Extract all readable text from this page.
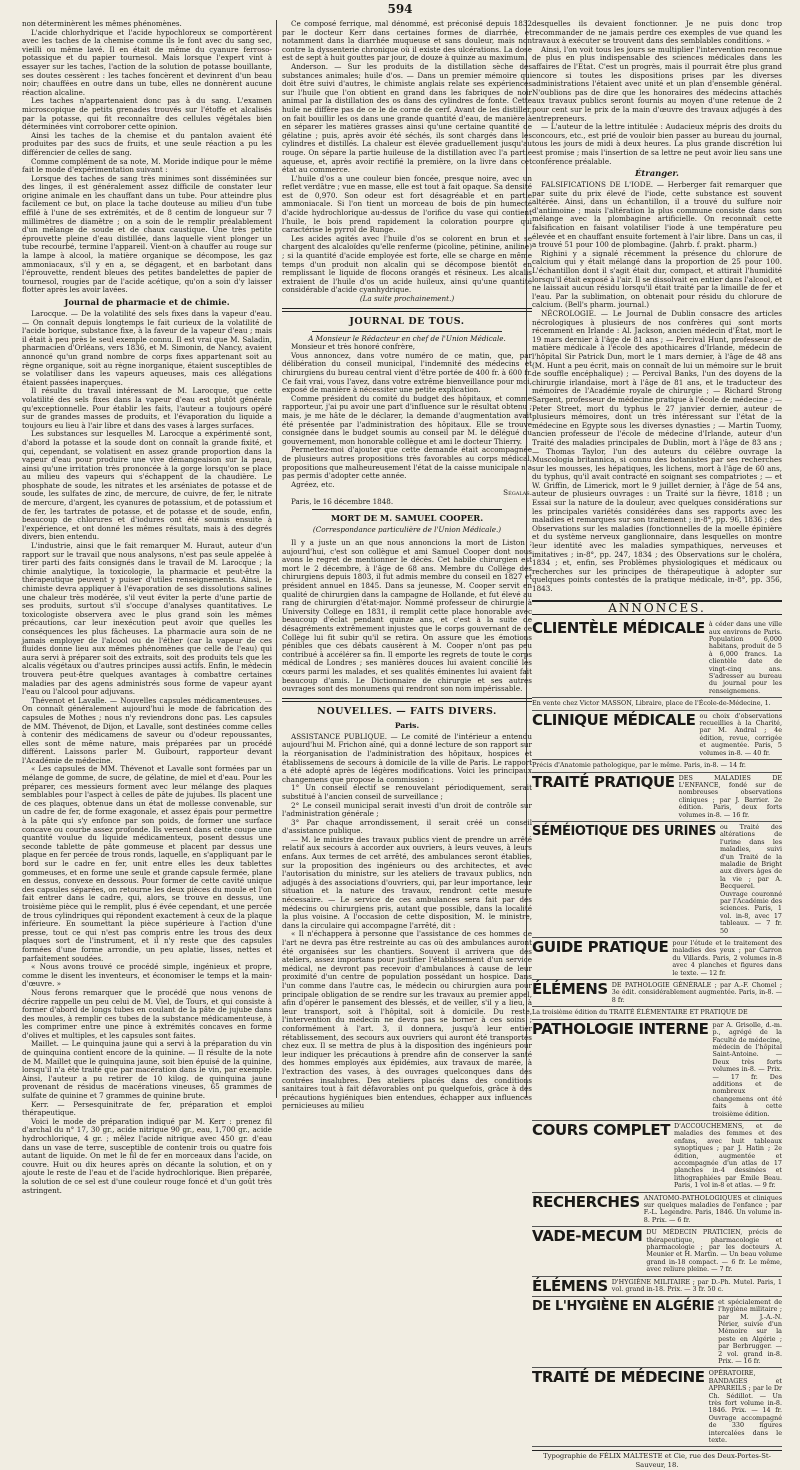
594

non déterminèrent les mêmes phénomènes.

L'acide chlorhydrique et l'acide hypochloreux se comportèrent avec les taches de la chemise comme ils le font avec du sang sec, vieilli ou même lavé. Il en était de même du cyanure ferroso-potassique et du papier tournesol. Mais lorsque l'expert vint à essayer sur les taches, l'action de la solution de potasse bouillante, ses doutes cessèrent : les taches foncèrent et devinrent d'un beau noir; chauffées en outre dans un tube, elles ne donnèrent aucune réaction alcaline.

Les taches n'appartenaient donc pas à du sang. L'examen microscopique de petits grenades trouvés sur l'étoffe et alcalisés par la potasse, qui fit reconnaître des cellules végétales bien déterminées vint corroborer cette opinion.

Ainsi les taches de la chemise et du pantalon avaient été produites par des sucs de fruits, et une seule réaction a pu les différencier de celles de sang.

Comme complément de sa note, M. Moride indique pour le même fait le mode d'expérimentation suivant :

Lorsque des taches de sang très minimes sont disséminées sur des linges, il est généralement assez difficile de constater leur origine animale en les chauffant dans un tube. Pour atteindre plus facilement ce but, on place la tache douteuse au milieu d'un tube effilé à l'une de ses extrémités, et de 8 centim de longueur sur 7 millimètres de diamètre ; on a soin de le remplir préalablement d'un mélange de soude et de chaux caustique. Une très petite éprouvette pleine d'eau distillée, dans laquelle vient plonger un tube recourbé, termine l'appareil. Vient-on à chauffer au rouge sur la lampe à alcool, la matière organique se décompose, les gaz ammoniacaux, s'il y en a, se dégagent, et en barbotant dans l'éprouvette, rendent bleues des petites bandelettes de papier de tournesol, rougies par de l'acide acétique, qu'on a soin d'y laisser flotter après les avoir lavées.

Journal de pharmacie et de chimie.

Larocque. — De la volatilité des sels fixes dans la vapeur d'eau. — On connaît depuis longtemps le fait curieux de la volatilité de l'acide borique, substance fixe, à la faveur de la vapeur d'eau ; mais il était à peu près le seul exemple connu. Il est vrai que M. Saladin, pharmacien d'Orléans, vers 1836, et M. Simonin, de Nancy, avaient annoncé qu'un grand nombre de corps fixes appartenant soit au règne organique, soit au règne inorganique, étaient susceptibles de se volatiliser dans les vapeurs aqueuses, mais ces allégations étaient passées inaperçues.

Il résulte du travail intéressant de M. Larocque, que cette volatilité des sels fixes dans la vapeur d'eau est plutôt générale qu'exceptionnelle. Pour établir les faits, l'auteur a toujours opéré sur de grandes masses de produits, et l'évaporation du liquide a toujours eu lieu à l'air libre et dans des vases à larges surfaces.

Les substances sur lesquelles M. Larocque a expérimenté sont, d'abord la potasse et la soude dont on connaît la grande fixité, et qui, cependant, se volatisent en assez grande proportion dans la vapeur d'eau pour produire une vive démangeaison sur la peau, ainsi qu'une irritation très prononcée à la gorge lorsqu'on se place au milieu des vapeurs qui s'échappent de la chaudière. Le phosphate de soude, les nitrates et les arséniates de potasse et de soude, les sulfates de zinc, de mercure, de cuivre, de fer, le nitrate de mercure, d'argent, les cyanures de potassium, et de potassium et de fer, les tartrates de potasse, et de potasse et de soude, enfin, beaucoup de chlorures et d'iodures ont été soumis ensuite à l'expérience, et ont donné les mêmes résultats, mais à des degrés divers, bien entendu.

L'industrie, ainsi que le fait remarquer M. Huraut, auteur d'un rapport sur le travail que nous analysons, n'est pas seule appelée à tirer parti des faits consignés dans le travail de M. Larocque ; la chimie analytique, la toxicologie, la pharmacie et peut-être la thérapeutique peuvent y puiser d'utiles renseignements. Ainsi, le chimiste devra appliquer à l'évaporation de ses dissolutions salines une chaleur très modérée, s'il veut éviter la perte d'une partie de ses produits, surtout s'il s'occupe d'analyses quantitatives. Le toxicologiste observera avec le plus grand soin les mêmes précautions, car leur inexécution peut avoir que quelles les conséquences les plus fâcheuses. La pharmacie aura soin de ne jamais employer de l'alcool ou de l'éther (car la vapeur de ces fluides donne lieu aux mêmes phénomènes que celle de l'eau) qui aura servi à préparer soit des extraits, soit des produits tels que les alcalis végétaux ou d'autres principes aussi actifs. Enfin, le médecin trouvera peut-être quelques avantages à combattre certaines maladies par des agens administrés sous forme de vapeur ayant l'eau ou l'alcool pour adjuvans.

Thévenot et Lavalle. — Nouvelles capsules médicamenteuses. — On connaît généralement aujourd'hui le mode de fabrication des capsules de Mothes ; nous n'y reviendrons donc pas. Les capsules de MM. Thévenot, de Dijon, et Lavalle, sont destinées comme celles à contenir des médicamens de saveur ou d'odeur repoussantes, elles sont de même nature, mais préparées par un procédé différent. Laissons parler M. Guibourt, rapporteur devant l'Académie de médecine.

« Les capsules de MM. Thévenot et Lavalle sont formées par un mélange de gomme, de sucre, de gélatine, de miel et d'eau. Pour les préparer, ces messieurs forment avec leur mélange des plaques semblables pour l'aspect à celles de pâte de jujubes. Ils placent une de ces plaques, obtenue dans un état de mollesse convenable, sur un cadre de fer, de forme exagonale, et assez épais pour permettre à la pâte qui s'y enfonce par son poids, de former une surface concave ou courbe assez profonde. Ils versent dans cette coupe une quantité voulue du liquide médicamenteux, posent dessus une seconde tablette de pâte gommeuse et placent par dessus une plaque en fer percée de trous ronds, laquelle, en s'appliquant par le bord sur le cadre en fer, unit entre elles les deux tablettes gommeuses, et en forme une seule et grande capsule fermée, plane en dessus, convexe en dessous. Pour former de cette cavité unique des capsules séparées, on retourne les deux pièces du moule et l'on fait entrer dans le cadre, qui, alors, se trouve en dessus, une troisième pièce qui le remplit, plus é évée cependant, et une percée de trous cylindriques qui répondent exactement à ceux de la plaque inférieure. En soumettant la pièce supérieure à l'action d'une presse, tout ce qui n'est pas compris entre les trous des deux plaques sort de l'instrument, et il n'y reste que des capsules formées d'une forme arrondie, un peu aplatie, lisses, nettes et parfaitement soudées.

« Nous avons trouvé ce procédé simple, ingénieux et propre, comme le disent les inventeurs, et économiser le temps et la main-d'œuvre. »

Nous ferons remarquer que le procédé que nous venons de décrire rappelle un peu celui de M. Viel, de Tours, et qui consiste à former d'abord de longs tubes en coulant de la pâte de jujube dans des moules, à remplir ces tubes de la substance médicamenteuse, à les comprimer entre une pince à extrémités concaves en forme d'olives et multiples, et les capsules sont faites.

Maillet. — Le quinquina jaune qui a servi à la préparation du vin de quinquina contient encore de la quinine. — Il résulte de la note de M. Maillet que le quinquina jaune, soit bien épuisé de la quinine, lorsqu'il n'a été traité que par macération dans le vin, par exemple. Ainsi, l'auteur a pu retirer de 10 kilog. de quinquina jaune provenant de résidus de macérations vineuses, 65 grammes de sulfate de quinine et 7 grammes de quinine brute.

Kerr. — Persesquinitrate de fer, préparation et emploi thérapeutique.

Voici le mode de préparation indiqué par M. Kerr : prenez fil d'archal du n° 17, 30 gr., acide nitrique 90 gr., eau, 1,700 gr., acide hydrochlorique, 4 gr. ; mêlez l'acide nitrique avec 450 gr. d'eau dans un vase de terre, susceptible de contenir trois ou quatre fois autant de liquide. On met le fil de fer en morceaux dans l'acide, on couvre. Huit ou dix heures après on décante la solution, et on y ajoute le reste de l'eau et de l'acide hydrochlorique. Bien préparée, la solution de ce sel est d'une couleur rouge foncé et d'un goût très astringent.

Ce composé ferrique, mal dénommé, est préconisé depuis 1832 par le docteur Kerr dans certaines formes de diarrhée, et notamment dans la diarrhée muqueuse et sans douleur, mais non contre la dyssenterie chronique où il existe des ulcérations. La dose est de sept à huit gouttes par jour, de douze à quinze au maximum.

Anderson. — Sur les produits de la distillation sèche des substances animales; huile d'os. — Dans un premier mémoire qui doit être suivi d'autres, le chimiste anglais relate ses expériences sur l'huile que l'on obtient en grand dans les fabriques de noir animal par la distillation des os dans des cylindres de fonte. Cette huile ne diffère pas de ce le de corne de cerf. Avant de les distiller, on fait bouillir les os dans une grande quantité d'eau, de manière à en séparer les matières grasses ainsi qu'une certaine quantité de gélatine ; puis, après avoir été séchés, ils sont chargés dans les cylindres et distillés. La chaleur est élevée graduellement jusqu'au rouge. On sépare la partie huileuse de la distillation avec l'a partie aqueuse, et, après avoir rectifié la première, on la livre dans cet état au commerce.

L'huile d'os a une couleur bien foncée, presque noire, avec un reflet verdâtre ; vue en masse, elle est tout à fait opaque. Sa densité est de 0,970. Son odeur est fort désagréable et en partie ammoniacale. Si l'on tient un morceau de bois de pin humecté d'acide hydrochlorique au-dessus de l'orifice du vase qui contient l'huile, le bois prend rapidement la coloration pourpre qui caractérise le pyrrol de Runge.

Les acides agités avec l'huile d'os se colorent en brun et se chargent des alcaloïdes qu'elle renferme (picoline, pétinine, aniline) ; si la quantité d'acide employée est forte, elle se charge en même temps d'un produit non alcalin qui se décompose bientôt en remplissant le liquide de flocons orangés et résineux. Les alcalis extraient de l'huile d'os un acide huileux, ainsi qu'une quantité considérable d'acide cyanhydrique.

(La suite prochainement.)

JOURNAL DE TOUS.

A Monsieur le Rédacteur en chef de l'Union Médicale.

Monsieur et très honoré confrère,

Vous annoncez, dans votre numéro de ce matin, que, par délibération du conseil municipal, l'indemnité des médecins et chirurgiens du bureau central vient d'être portée de 400 fr. à 600 fr. Ce fait vrai, vous l'avez, dans votre extrême bienveillance pour moi, exposé de manière à nécessiter une petite explication.

Comme président du comité du budget des hôpitaux, et comme rapporteur, j'ai pu avoir une part d'influence sur le résultat obtenu ; mais, je me hâte de le déclarer, la demande d'augmentation avait été présentée par l'administration des hôpitaux. Elle se trouve consignée dans le budget soumis au conseil par M. le délégué du gouvernement, mon honorable collègue et ami le docteur Thierry.

Permettez-moi d'ajouter que cette demande était accompagnée de plusieurs autres propositions très favorables au corps médical, propositions que malheureusement l'état de la caisse municipale n'a pas permis d'adopter cette année.

Agréez, etc.

Ségalas.

Paris, le 16 décembre 1848.

MORT DE M. SAMUEL COOPER.
(Correspondance particulière de l'Union Médicale.)

Il y a juste un an que nous annoncions la mort de Liston ; aujourd'hui, c'est son collègue et ami Samuel Cooper dont nous avons le regret de mentionner le décès. Cet habile chirurgien est mort le 2 décembre, à l'âge de 68 ans. Membre du Collège des chirurgiens depuis 1803, il fut admis membre du conseil en 1827 et président annuel en 1845. Dans sa jeunesse, M. Cooper servit en qualité de chirurgien dans la campagne de Hollande, et fut élevé au rang de chirurgien d'état-major. Nommé professeur de chirurgie à University College en 1831, il remplit cette place honorable avec beaucoup d'éclat pendant quinze ans, et c'est à la suite de désagréments extrêmement injustes que le corps gouvernant de ce Collège lui fit subir qu'il se retira. On assure que les émotions pénibles que ces débats causèrent à M. Cooper n'ont pas peu contribué à accélérer sa fin. Il emporte les regrets de toute le corps médical de Londres ; ses manières douces lui avaient concilié les cœurs parmi les malades, et ses qualités éminentes lui avaient fait beaucoup d'amis. Le Dictionnaire de chirurgie et ses autres ouvrages sont des monumens qui rendront son nom impérissable.

NOUVELLES. — FAITS DIVERS.
Paris.

ASSISTANCE PUBLIQUE. — Le comité de l'intérieur a entendu aujourd'hui M. Frichon aîné, qui a donné lecture de son rapport sur la réorganisation de l'administration des hôpitaux, hospices et établissemens de secours à domicile de la ville de Paris. Le rapport a été adopté après de légères modifications. Voici les principaux changemens que propose la commission :

1° Un conseil électif se renouvelant périodiquement, serait substitué à l'ancien conseil de surveillance ;

2° Le conseil municipal serait investi d'un droit de contrôle sur l'administration générale ;

3° Par chaque arrondissement, il serait créé un conseil d'assistance publique.

— M. le ministre des travaux publics vient de prendre un arrêté relatif aux secours à accorder aux ouvriers, à leurs veuves, à leurs enfans. Aux termes de cet arrêté, des ambulances seront établies, sur la proposition des ingénieurs ou des architectes, et avec l'autorisation du ministre, sur les ateliers de travaux publics, non adjugés à des associations d'ouvriers, qui, par leur importance, leur situation et la nature des travaux, rendront cette mesure nécessaire. — Le service de ces ambulances sera fait par des médecins ou chirurgiens pris, autant que possible, dans la localité la plus voisine. A l'occasion de cette disposition, M. le ministre, dans la circulaire qui accompagne l'arrêté, dit :

« Il n'échappera à personne que l'assistance de ces hommes de l'art ne devra pas être restreinte au cas où des ambulances auront été organisées sur les chantiers. Souvent il arrivera que des ateliers, assez importans pour justifier l'établissement d'un service médical, ne devront pas recevoir d'ambulances à cause de leur proximité d'un centre de population possédant un hospice. Dans l'un comme dans l'autre cas, le médecin ou chirurgien aura pour principale obligation de se rendre sur les travaux au premier appel, afin d'opérer le pansement des blessés, et de veiller, s'il y a lieu, à leur transport, soit à l'hôpital, soit à domicile. Du reste, l'intervention du médecin ne devra pas se borner à ces soins ; conformément à l'art. 3, il donnera, jusqu'à leur entier rétablissement, des secours aux ouvriers qui auront été transportés chez eux. Il se mettra de plus à la disposition des ingénieurs pour leur indiquer les précautions à prendre afin de conserver la santé des hommes employés aux épidémies, aux travaux de marée, à l'extraction des vases, à des ouvrages quelconques dans des contrées insalubres. Des ateliers placés dans des conditions sanitaires tout à fait défavorables ont pu quelquefois, grâce à des précautions hygiéniques bien entendues, échapper aux influences pernicieuses au milieu

desquelles ils devaient fonctionner. Je ne puis donc trop recommander de ne jamais perdre ces exemples de vue quand les travaux à exécuter se trouvent dans des semblables conditions. »

Ainsi, l'on voit tous les jours se multiplier l'intervention reconnue de plus en plus indispensable des sciences médicales dans les affaires de l'Etat. C'est un progrès, mais il pourrait être plus grand encore si toutes les dispositions prises par les diverses administrations l'étaient avec unité et un plan d'ensemble général. N'oublions pas de dire que les honoraires des médecins attachés aux travaux publics seront fournis au moyen d'une retenue de 2 pour cent sur le prix de la main d'œuvre des travaux adjugés à des entrepreneurs.

— L'auteur de la lettre intitulée : Audacieux mépris des droits du concours, etc., est prié de vouloir bien passer au bureau du journal, tous les jours de midi à deux heures. La plus grande discrétion lui est promise ; mais l'insertion de sa lettre ne peut avoir lieu sans une conférence préalable.

Étranger.

FALSIFICATIONS DE L'IODE. — Herberger fait remarquer que par suite du prix élevé de l'iode, cette substance est souvent altérée. Ainsi, dans un échantillon, il a trouvé du sulfure noir d'antimoine ; mais l'altération la plus commune consiste dans son mélange avec la plombagine artificielle. On reconnaît cette falsification en faisant volatiliser l'iode à une température peu élevée et en chauffant ensuite fortement à l'air libre. Dans un cas, il a trouvé 51 pour 100 de plombagine. (Jahrb. f. prakt. pharm.)

Righini y a signalé récemment la présence du chlorure de calcium qui y était mélangé dans la proportion de 25 pour 100. L'échantillon dont il s'agit était dur, compact, et attirait l'humidité lorsqu'il était exposé à l'air. Il se dissolvait en entier dans l'alcool, et ne laissait aucun résidu lorsqu'il était traité par la limaille de fer et l'eau. Par la sublimation, on obtenait pour résidu du chlorure de calcium. (Bell's pharm. journal.)

NÉCROLOGIE. — Le Journal de Dublin consacre des articles nécrologiques à plusieurs de nos confrères qui sont morts récemment en Irlande : Al. Jackson, ancien médecin d'État, mort le 19 mars dernier à l'âge de 81 ans ; — Percival Hunt, professeur de matière médicale à l'école des apothicaires d'Irlande, médecin de l'hôpital Sir Patrick Dun, mort le 1 mars dernier, à l'âge de 48 ans (M. Hunt a peu écrit, mais on connaît de lui un mémoire sur le bruit de souffle encéphalique) ; — Percival Banks, l'un des doyens de la chirurgie irlandaise, mort à l'âge de 81 ans, et le traducteur des mémoires de l'Académie royale de chirurgie ; — Richard Strong Sargent, professeur de médecine pratique à l'école de médecine ; — Peter Street, mort du typhus le 27 janvier dernier, auteur de plusieurs mémoires, dont un très intéressant sur l'état de la médecine en Egypte sous les diverses dynasties ; — Martin Tuomy, ancien professeur de l'école de médecine d'Irlande, auteur d'un Traité des maladies principales de Dublin, mort à l'âge de 83 ans ; — Thomas Taylor, l'un des auteurs du célèbre ouvrage la Muscologia britannica, si connu des botanistes par ses recherches sur les mousses, les hépatiques, les lichens, mort à l'âge de 60 ans, du typhus, qu'il avait contracté en soignant ses compatriotes ; — et W. Griffin, de Limerick, mort le 9 juillet dernier, à l'âge de 54 ans, auteur de plusieurs ouvrages : un Traité sur la fièvre, 1818 ; un Essai sur la nature de la douleur, avec quelques considérations sur les principales variétés considérées dans ses rapports avec les maladies et remarques sur son traitement ; in-8°, pp. 96, 1836 ; des Observations sur les maladies (fonctionnelles de la moelle épinière et du système nerveux ganglionnaire, dans lesquelles on montre leur identité avec les maladies sympathiques, nerveuses et imitatives ; in-8°, pp. 247, 1834 ; des Observations sur le choléra, 1834 ; et, enfin, ses Problèmes physiologiques et médicaux ou recherches sur les principes de thérapeutique à adopter sur quelques points contestés de la pratique médicale, in-8°, pp. 356, 1843.

ANNONCES.
CLIENTÈLE MÉDICALE à céder dans une ville aux environs de Paris. Population 6,000 habitans, produit de 5 à 6,000 francs. La clientèle date de vingt-cinq ans. S'adresser au bureau du journal pour les renseignemens.
En vente chez Victor MASSON, Libraire, place de l'École-de-Médecine, 1.
CLINIQUE MÉDICALE ou choix d'observations recueillies à la Charité, par M. Andral ; 4e édition, revue, corrigée et augmentée. Paris, 5 volumes in-8. — 40 fr.
Précis d'Anatomie pathologique, par le même. Paris, in-8. — 14 fr.
TRAITÉ PRATIQUE DES MALADIES DE L'ENFANCE, fondé sur de nombreuses observations cliniques ; par J. Barrier. 2e édition. Paris, deux forts volumes in-8. — 16 fr.
SÉMÉIOTIQUE DES URINES ou Traité des altérations de l'urine dans les maladies, suivi d'un Traité de la maladie de Bright aux divers âges de la vie ; par A. Becquerel. Ouvrage couronné par l'Académie des sciences. Paris, 1 vol. in-8, avec 17 tableaux. — 7 fr. 50
GUIDE PRATIQUE pour l'étude et le traitement des maladies des yeux ; par Carron du Villards. Paris, 2 volumes in-8 avec 4 planches et figures dans le texte. — 12 fr.
ÉLÉMENS DE PATHOLOGIE GÉNÉRALE ; par A.-F. Chomel ; 3e édit. considérablement augmentée. Paris, in-8. — 8 fr.
La troisième édition du TRAITÉ ÉLÉMENTAIRE ET PRATIQUE DE
PATHOLOGIE INTERNE par A. Grisolle, d.-m. p., agrégé de la Faculté de médecine, médecin de l'hôpital Saint-Antoine. — Deux très forts volumes in-8. — Prix. — 17 fr. Des additions et de nombreux changemens ont été faits à cette troisième édition.
COURS COMPLET D'ACCOUCHEMENS, et de maladies des femmes et des enfans, avec huit tableaux synoptiques ; par J. Hatin ; 2e édition, augmentée et accompagnée d'un atlas de 17 planches in-4 dessinées et lithographiées par Émile Beau. Paris, 1 vol in-8 et atlas. — 9 fr.
RECHERCHES ANATOMO-PATHOLOGIQUES et cliniques sur quelques maladies de l'enfance ; par F.-L. Legendre. Paris, 1846. Un volume in-8. Prix. — 6 fr.
VADE-MECUM DU MÉDECIN PRATICIEN, précis de thérapeutique, pharmacologie et pharmacologie ; par les docteurs A. Meunier et H. Martin. — Un beau volume grand in-18 compact. — 6 fr. Le même, avec reliure pleine. — 7 fr.
ÉLÉMENS D'HYGIÈNE MILITAIRE ; par D.-Ph. Mutel. Paris, 1 vol. grand in-18. Prix. — 3 fr. 50 c.
DE L'HYGIÈNE EN ALGÉRIE et spécialement de l'hygiène militaire ; par M. J.-A.-N. Périer, suivie d'un Mémoire sur la peste en Algérie ; par Berbrugger. — 2 vol. grand in-8. Prix. — 16 fr.
TRAITÉ DE MÉDECINE OPÉRATOIRE, BANDAGES et APPAREILS ; par le Dr Ch. Sédillot. — Un très fort volume in-8. 1846. Prix. — 14 fr. Ouvrage accompagné de 330 figures intercalées dans le texte.
Typographie de FÉLIX MALTESTE et Cie, rue des Deux-Portes-St-Sauveur, 18.
